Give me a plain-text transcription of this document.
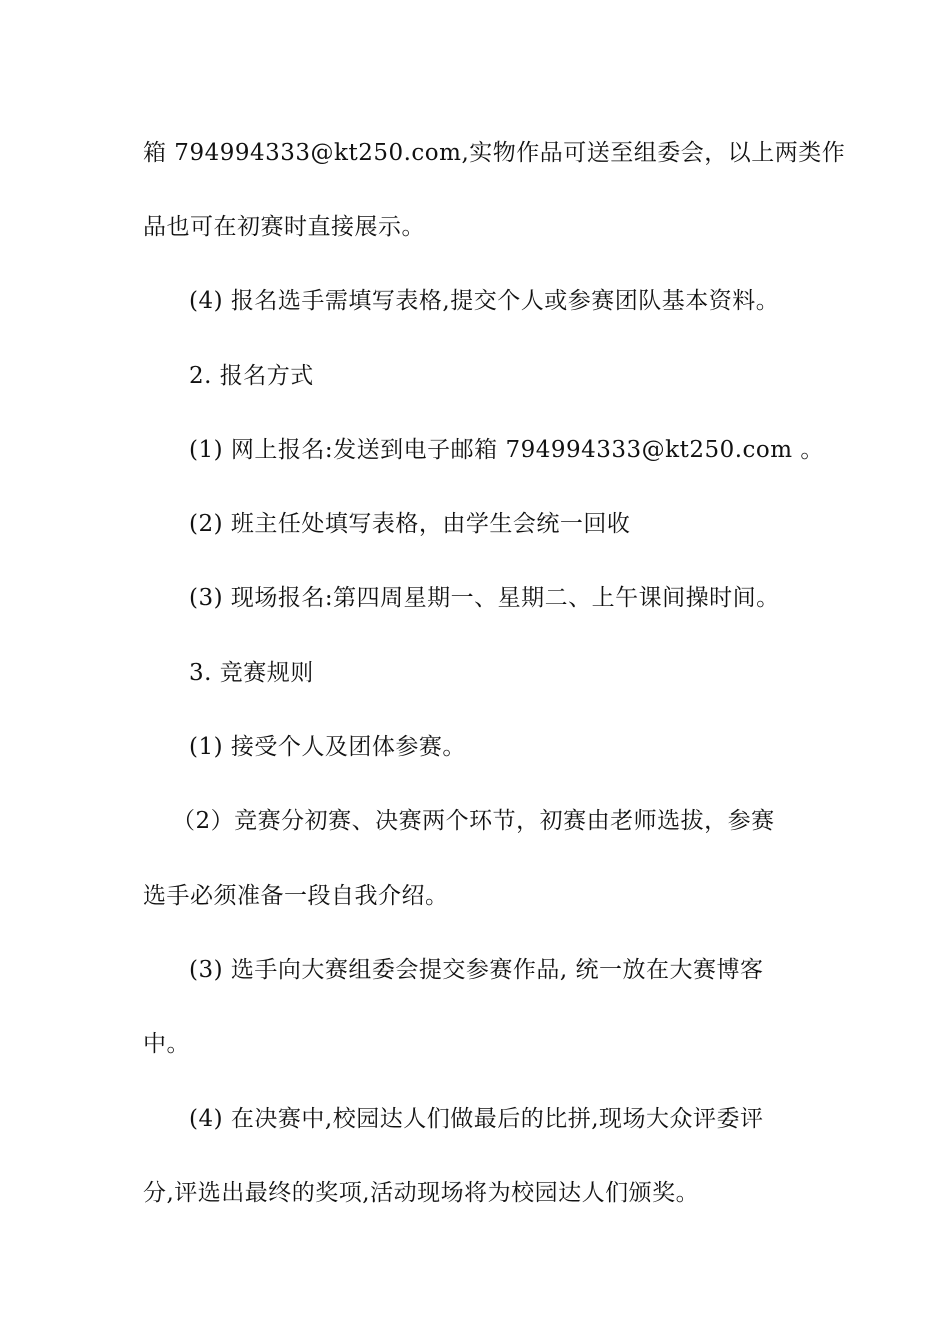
箱 794994333@kt250.com,实物作品可送至组委会，以上两类作
品也可在初赛时直接展示。
(4) 报名选手需填写表格,提交个人或参赛团队基本资料。
2. 报名方式
(1) 网上报名:发送到电子邮箱 794994333@kt250.com 。
(2) 班主任处填写表格，由学生会统一回收
(3) 现场报名:第四周星期一、星期二、上午课间操时间。
3. 竞赛规则
(1) 接受个人及团体参赛。
（2）竞赛分初赛、决赛两个环节，初赛由老师选拔，参赛
选手必须准备一段自我介绍。
(3) 选手向大赛组委会提交参赛作品, 统一放在大赛博客
中。
(4) 在决赛中,校园达人们做最后的比拼,现场大众评委评
分,评选出最终的奖项,活动现场将为校园达人们颁奖。
